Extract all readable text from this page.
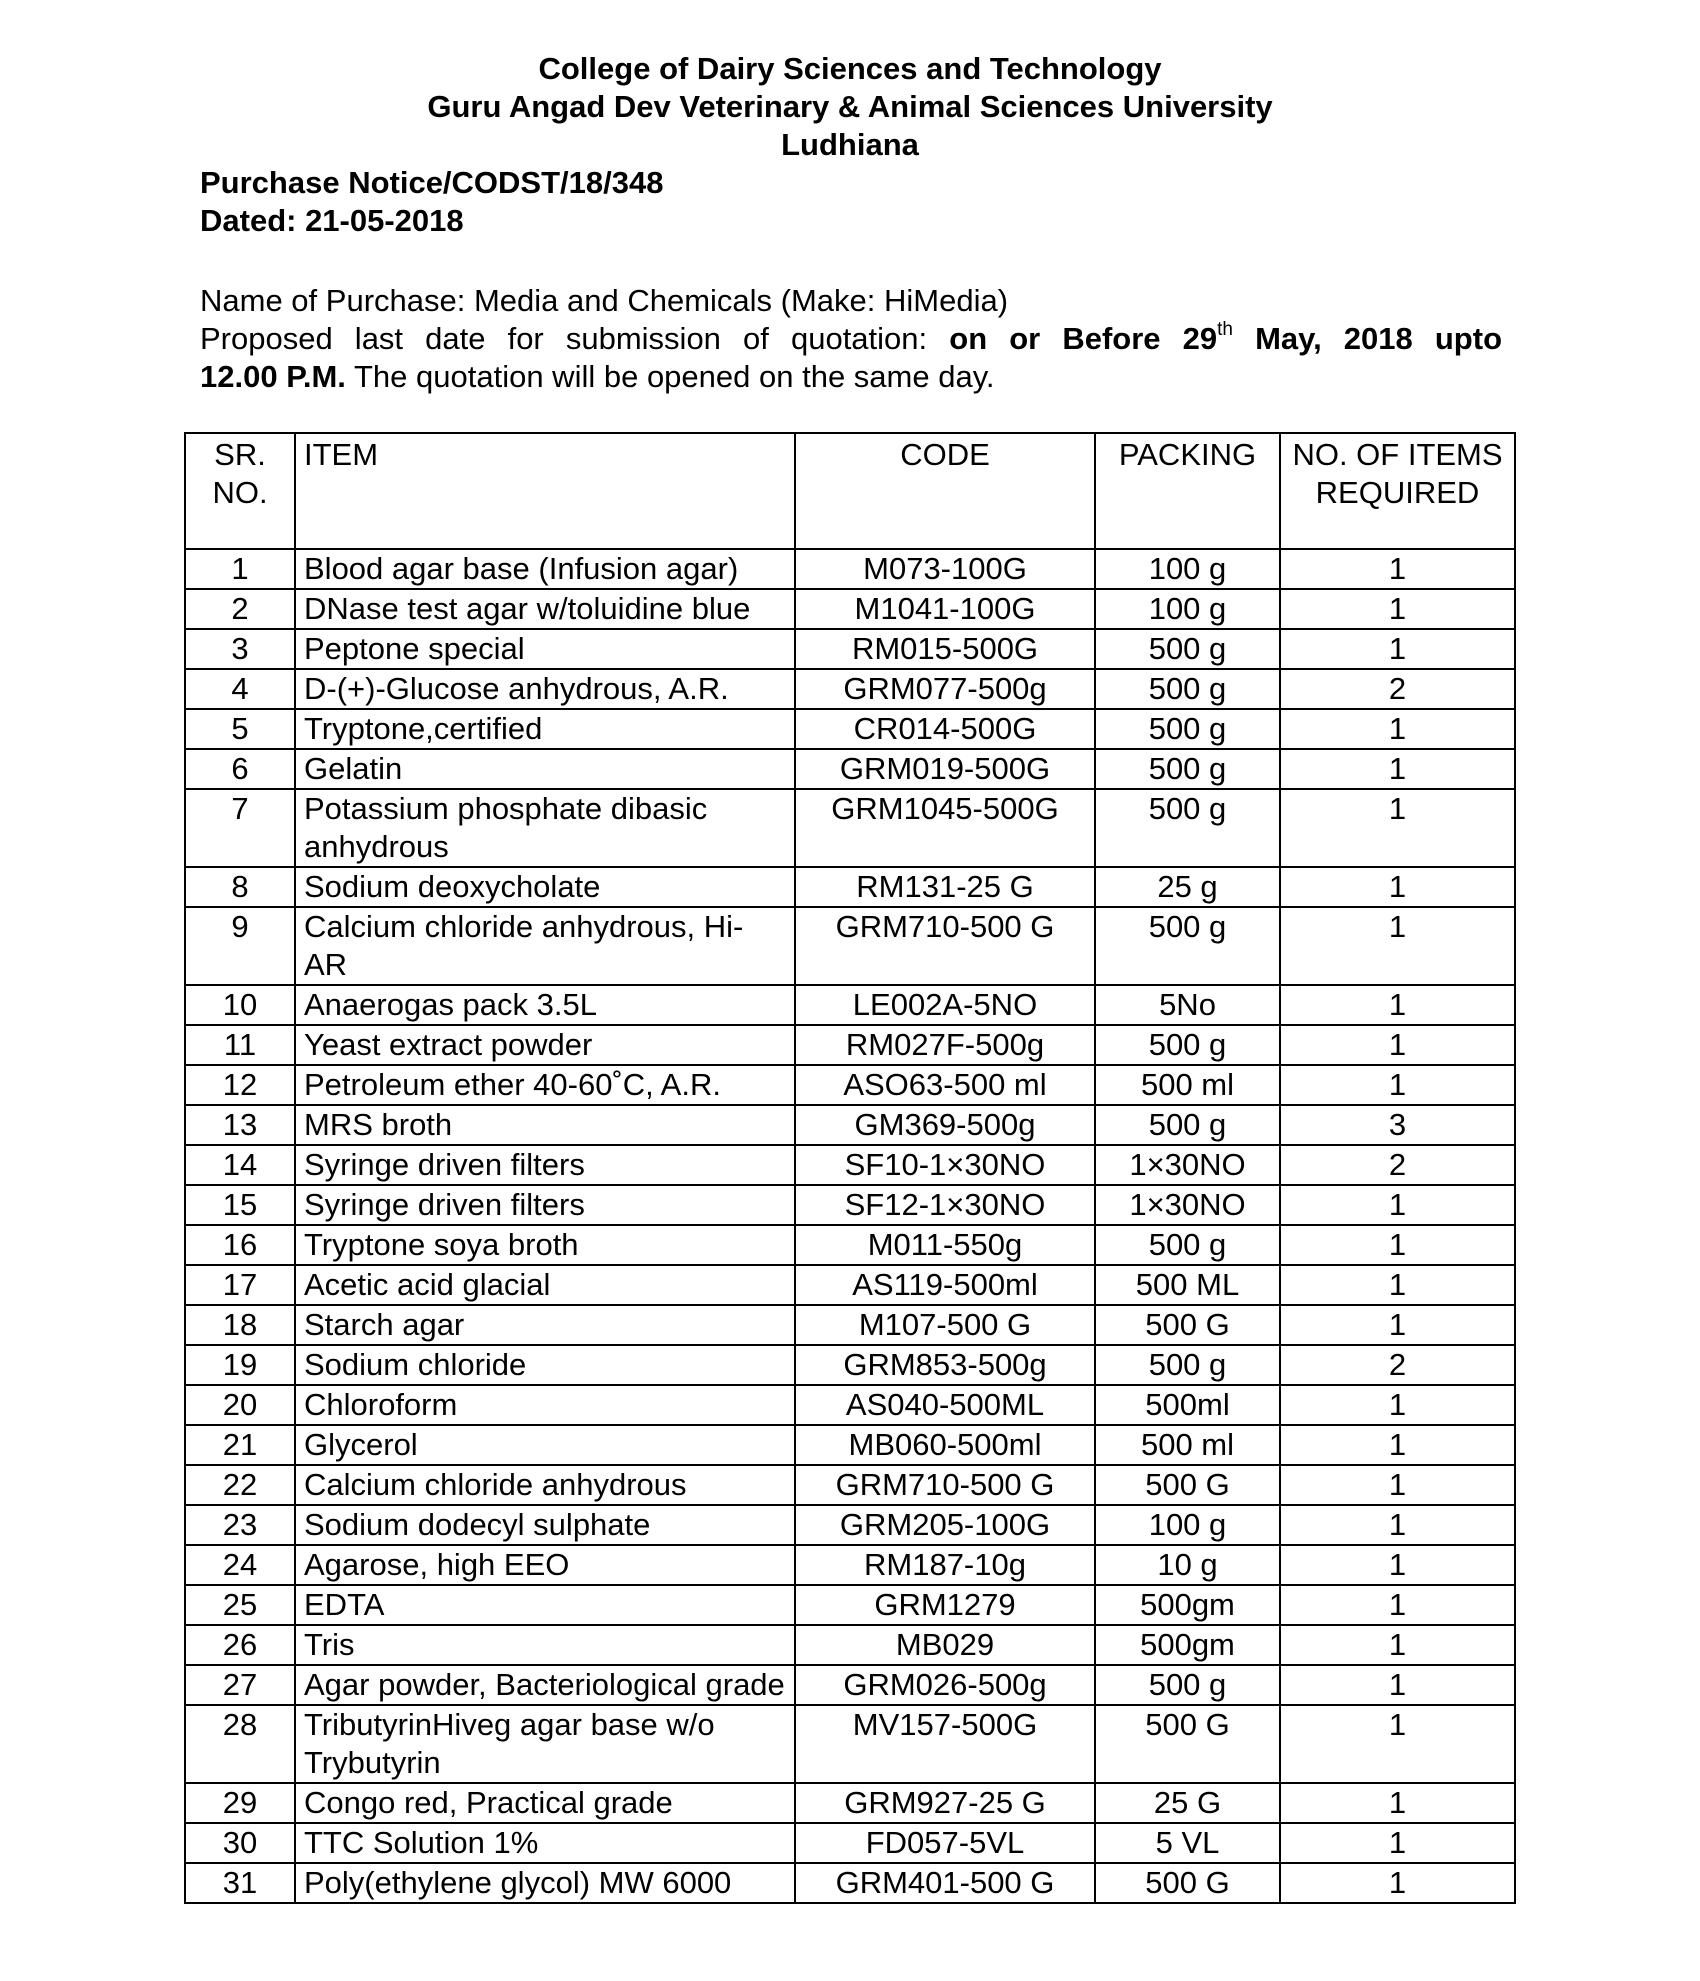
College of Dairy Sciences and Technology
Guru Angad Dev Veterinary & Animal Sciences University
Ludhiana
Purchase Notice/CODST/18/348
Dated: 21-05-2018
Name of Purchase: Media and Chemicals (Make: HiMedia)
Proposed last date for submission of quotation: on or Before 29th May, 2018 upto
12.00 P.M. The quotation will be opened on the same day.
SR. NO.	ITEM	CODE	PACKING	NO. OF ITEMS REQUIRED
1	Blood agar base (Infusion agar)	M073-100G	100 g	1
2	DNase test agar w/toluidine blue	M1041-100G	100 g	1
3	Peptone special	RM015-500G	500 g	1
4	D-(+)-Glucose anhydrous, A.R.	GRM077-500g	500 g	2
5	Tryptone,certified	CR014-500G	500 g	1
6	Gelatin	GRM019-500G	500 g	1
7	Potassium phosphate dibasic anhydrous	GRM1045-500G	500 g	1
8	Sodium deoxycholate	RM131-25 G	25 g	1
9	Calcium chloride anhydrous, Hi-AR	GRM710-500 G	500 g	1
10	Anaerogas pack 3.5L	LE002A-5NO	5No	1
11	Yeast extract powder	RM027F-500g	500 g	1
12	Petroleum ether 40-60˚C, A.R.	ASO63-500 ml	500 ml	1
13	MRS broth	GM369-500g	500 g	3
14	Syringe driven filters	SF10-1×30NO	1×30NO	2
15	Syringe driven filters	SF12-1×30NO	1×30NO	1
16	Tryptone soya broth	M011-550g	500 g	1
17	Acetic acid glacial	AS119-500ml	500 ML	1
18	Starch agar	M107-500 G	500 G	1
19	Sodium chloride	GRM853-500g	500 g	2
20	Chloroform	AS040-500ML	500ml	1
21	Glycerol	MB060-500ml	500 ml	1
22	Calcium chloride anhydrous	GRM710-500 G	500 G	1
23	Sodium dodecyl sulphate	GRM205-100G	100 g	1
24	Agarose, high EEO	RM187-10g	10 g	1
25	EDTA	GRM1279	500gm	1
26	Tris	MB029	500gm	1
27	Agar powder, Bacteriological grade	GRM026-500g	500 g	1
28	TributyrinHiveg agar base w/o Trybutyrin	MV157-500G	500 G	1
29	Congo red, Practical grade	GRM927-25 G	25 G	1
30	TTC Solution 1%	FD057-5VL	5 VL	1
31	Poly(ethylene glycol) MW 6000	GRM401-500 G	500 G	1
